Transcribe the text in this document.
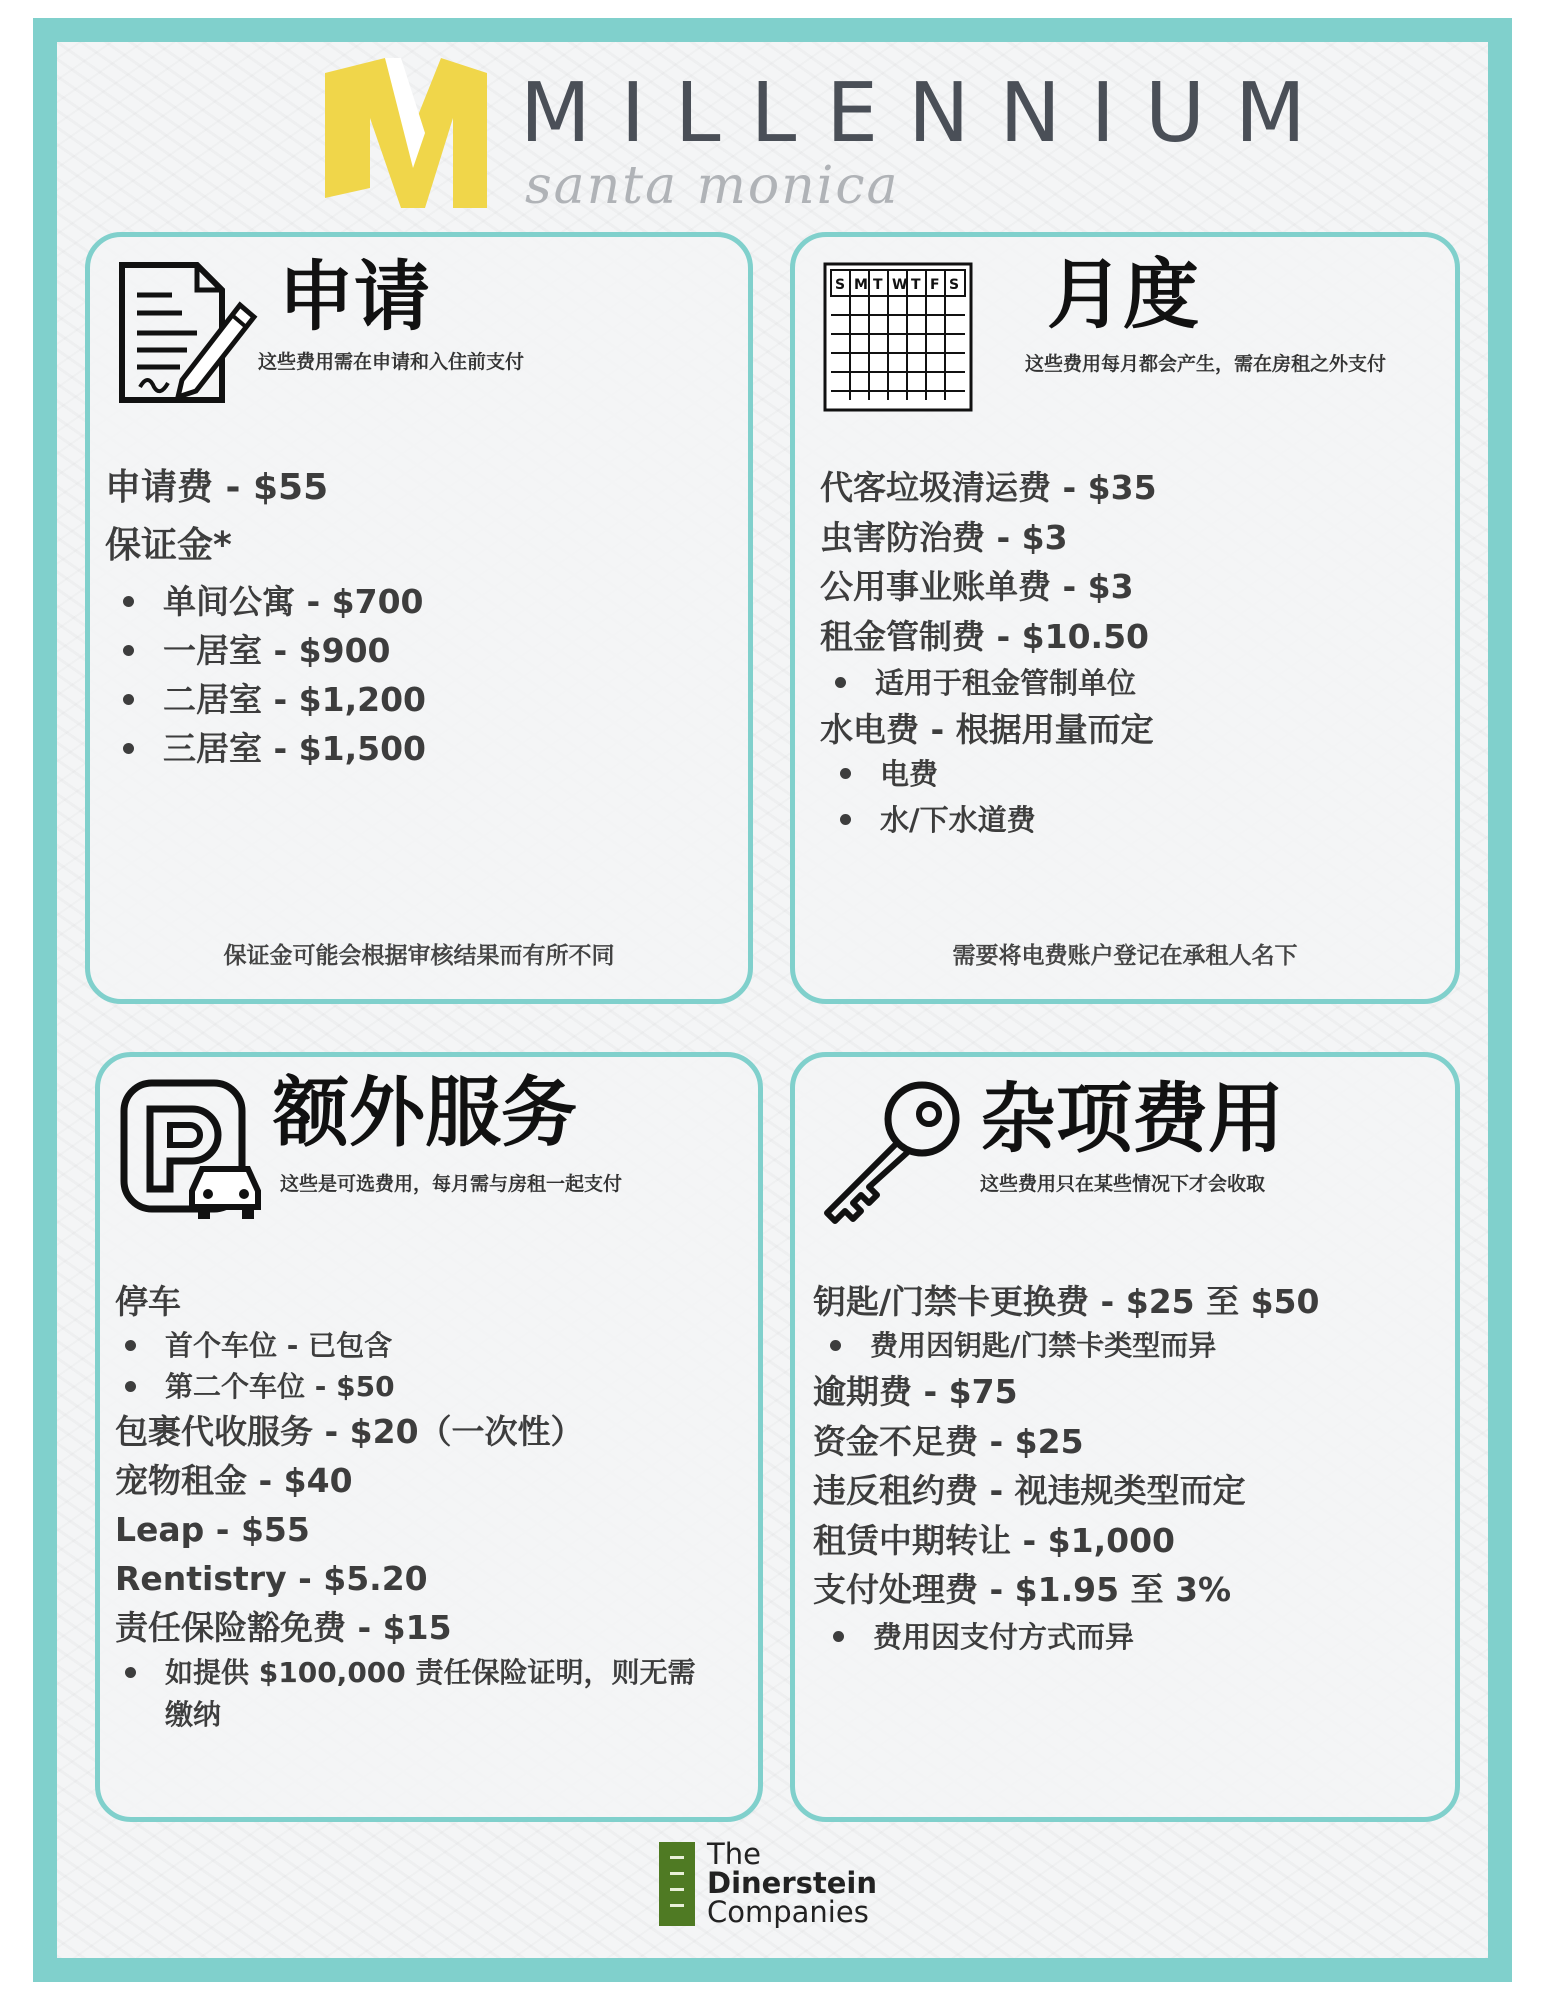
MILLENNIUM
santa monica
申请
这些费用需在申请和入住前支付
申请费 - $55
保证金*
单间公寓 - $700
一居室 - $900
二居室 - $1,200
三居室 - $1,500
保证金可能会根据审核结果而有所不同
S M T W T F S 月度
这些费用每月都会产生，需在房租之外支付
代客垃圾清运费 - $35
虫害防治费 - $3
公用事业账单费 - $3
租金管制费 - $10.50
适用于租金管制单位
水电费 - 根据用量而定
电费
水/下水道费
需要将电费账户登记在承租人名下
额外服务
这些是可选费用，每月需与房租一起支付
停车
首个车位 - 已包含
第二个车位 - $50
包裹代收服务 - $20（一次性）
宠物租金 - $40
Leap - $55
Rentistry - $5.20
责任保险豁免费 - $15
如提供 $100,000 责任保险证明，则无需
缴纳
杂项费用
这些费用只在某些情况下才会收取
钥匙/门禁卡更换费 - $25 至 $50
费用因钥匙/门禁卡类型而异
逾期费 - $75
资金不足费 - $25
违反租约费 - 视违规类型而定
租赁中期转让 - $1,000
支付处理费 - $1.95 至 3%
费用因支付方式而异
The
Dinerstein
Companies
